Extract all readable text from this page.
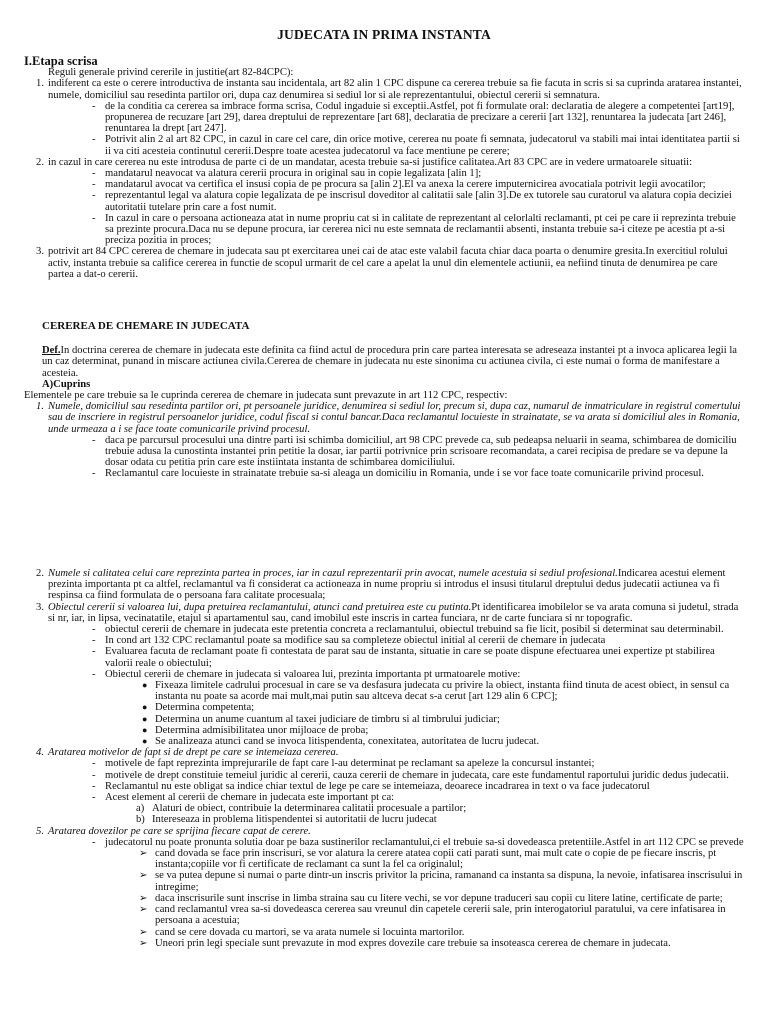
JUDECATA IN PRIMA INSTANTA
I.Etapa scrisa
Reguli generale privind cererile in justitie(art 82-84CPC):
1. indiferent ca este o cerere introductiva de instanta sau incidentala, art 82 alin 1 CPC dispune ca cererea trebuie sa fie facuta in scris si sa cuprinda aratarea instantei, numele, domiciliul sau resedinta partilor ori, dupa caz denumirea si sediul lor si ale reprezentantului, obiectul cererii si semnatura.
- de la conditia ca cererea sa imbrace forma scrisa, Codul ingaduie si exceptii.Astfel, pot fi formulate oral: declaratia de alegere a competentei [art19], propunerea de recuzare [art 29], darea dreptului de reprezentare [art 68], declaratia de precizare a cererii [art 132], renuntarea la judecata [art 246], renuntarea la drept [art 247].
- Potrivit alin 2 al art 82 CPC, in cazul in care cel care, din orice motive, cererea nu poate fi semnata, judecatorul va stabili mai intai identitatea partii si ii va citi acesteia continutul cererii.Despre toate acestea judecatorul va face mentiune pe cerere;
2. in cazul in care cererea nu este introdusa de parte ci de un mandatar, acesta trebuie sa-si justifice calitatea.Art 83 CPC are in vedere urmatoarele situatii:
- mandatarul neavocat va alatura cererii procura in original sau in copie legalizata [alin 1];
- mandatarul avocat va certifica el insusi copia de pe procura sa [alin 2].El va anexa la cerere imputernicirea avocatiala potrivit legii avocatilor;
- reprezentantul legal va alatura copie legalizata de pe inscrisul doveditor al calitatii sale [alin 3].De ex tutorele sau curatorul va alatura copia deciziei autoritatii tutelare prin care a fost numit.
- In cazul in care o persoana actioneaza atat in nume propriu cat si in calitate de reprezentant al celorlalti reclamanti, pt cei pe care ii reprezinta trebuie sa prezinte procura.Daca nu se depune procura, iar cererea nici nu este semnata de reclamantii absenti, instanta trebuie sa-i citeze pe acestia pt a-si preciza pozitia in proces;
3. potrivit art 84 CPC cererea de chemare in judecata sau pt exercitarea unei cai de atac este valabil facuta chiar daca poarta o denumire gresita.In exercitiul rolului activ, instanta trebuie sa califice cererea in functie de scopul urmarit de cel care a apelat la unul din elementele actiunii, ea nefiind tinuta de denumirea pe care partea a dat-o cererii.
CEREREA DE CHEMARE IN JUDECATA
Def.In doctrina cererea de chemare in judecata este definita ca fiind actul de procedura prin care partea interesata se adreseaza instantei pt a invoca aplicarea legii la un caz determinat, punand in miscare actiunea civila.Cererea de chemare in judecata nu este sinonima cu actiunea civila, ci este numai o forma de manifestare a acesteia.
A)Cuprins
Elementele pe care trebuie sa le cuprinda cererea de chemare in judecata sunt prevazute in art 112 CPC, respectiv:
1. Numele, domiciliul sau resedinta partilor ori, pt persoanele juridice, denumirea si sediul lor, precum si, dupa caz, numarul de inmatriculare in registrul comertului sau de inscriere in registrul persoanelor juridice, codul fiscal si contul bancar.Daca reclamantul locuieste in strainatate, se va arata si domiciliul ales in Romania, unde urmeaza a i se face toate comunicarile privind procesul.
- daca pe parcursul procesului una dintre parti isi schimba domiciliul, art 98 CPC prevede ca, sub pedeapsa neluarii in seama, schimbarea de domiciliu trebuie adusa la cunostinta instantei prin petitie la dosar, iar partii potrivnice prin scrisoare recomandata, a carei recipisa de predare se va depune la dosar odata cu petitia prin care este instiintata instanta de schimbarea domiciliului.
- Reclamantul care locuieste in strainatate trebuie sa-si aleaga un domiciliu in Romania, unde i se vor face toate comunicarile privind procesul.
2. Numele si calitatea celui care reprezinta partea in proces, iar in cazul reprezentarii prin avocat, numele acestuia si sediul profesional.Indicarea acestui element prezinta importanta pt ca altfel, reclamantul va fi considerat ca actioneaza in nume propriu si introdus el insusi titularul dreptului dedus judecatii actiunea va fi respinsa ca fiind formulata de o persoana fara calitate procesuala;
3. Obiectul cererii si valoarea lui, dupa pretuirea reclamantului, atunci cand pretuirea este cu putinta.Pt identificarea imobilelor se va arata comuna si judetul, strada si nr, iar, in lipsa, vecinatatile, etajul si apartamentul sau, cand imobilul este inscris in cartea funciara, nr de carte funciara si nr topografic.
- obiectul cererii de chemare in judecata este pretentia concreta a reclamantului, obiectul trebuind sa fie licit, posibil si determinat sau determinabil.
- In cond art 132 CPC reclamantul poate sa modifice sau sa completeze obiectul initial al cererii de chemare in judecata
- Evaluarea facuta de reclamant poate fi contestata de parat sau de instanta, situatie in care se poate dispune efectuarea unei expertize pt stabilirea valorii reale o obiectului;
- Obiectul cererii de chemare in judecata si valoarea lui, prezinta importanta pt urmatoarele motive:
● Fixeaza limitele cadrului procesual in care se va desfasura judecata cu privire la obiect, instanta fiind tinuta de acest obiect, in sensul ca instanta nu poate sa acorde mai mult,mai putin sau altceva decat s-a cerut [art 129 alin 6 CPC];
● Determina competenta;
● Determina un anume cuantum al taxei judiciare de timbru si al timbrului judiciar;
● Determina admisibilitatea unor mijloace de proba;
● Se analizeaza atunci cand se invoca litispendenta, conexitatea, autoritatea de lucru judecat.
4. Aratarea motivelor de fapt si de drept pe care se intemeiaza cererea.
- motivele de fapt reprezinta imprejurarile de fapt care l-au determinat pe reclamant sa apeleze la concursul instantei;
- motivele de drept constituie temeiul juridic al cererii, cauza cererii de chemare in judecata, care este fundamentul raportului juridic dedus judecatii.
- Reclamantul nu este obligat sa indice chiar textul de lege pe care se intemeiaza, deoarece incadrarea in text o va face judecatorul
- Acest element al cererii de chemare in judecata este important pt ca:
a) Alaturi de obiect, contribuie la determinarea calitatii procesuale a partilor;
b) Intereseaza in problema litispendentei si autoritatii de lucru judecat
5. Aratarea dovezilor pe care se sprijina fiecare capat de cerere.
- judecatorul nu poate pronunta solutia doar pe baza sustinerilor reclamantului,ci el trebuie sa-si dovedeasca pretentiile.Astfel in art 112 CPC se prevede
➢ cand dovada se face prin inscrisuri, se vor alatura la cerere atatea copii cati parati sunt, mai mult cate o copie de pe fiecare inscris, pt instanta;copiile vor fi certificate de reclamant ca sunt la fel ca originalul;
➢ se va putea depune si numai o parte dintr-un inscris privitor la pricina, ramanand ca instanta sa dispuna, la nevoie, infatisarea inscrisului in intregime;
➢ daca inscrisurile sunt inscrise in limba straina sau cu litere vechi, se vor depune traduceri sau copii cu litere latine, certificate de parte;
➢ cand reclamantul vrea sa-si dovedeasca cererea sau vreunul din capetele cererii sale, prin interogatoriul paratului, va cere infatisarea in persoana a acestuia;
➢ cand se cere dovada cu martori, se va arata numele si locuinta martorilor.
➢ Uneori prin legi speciale sunt prevazute in mod expres dovezile care trebuie sa insoteasca cererea de chemare in judecata.
